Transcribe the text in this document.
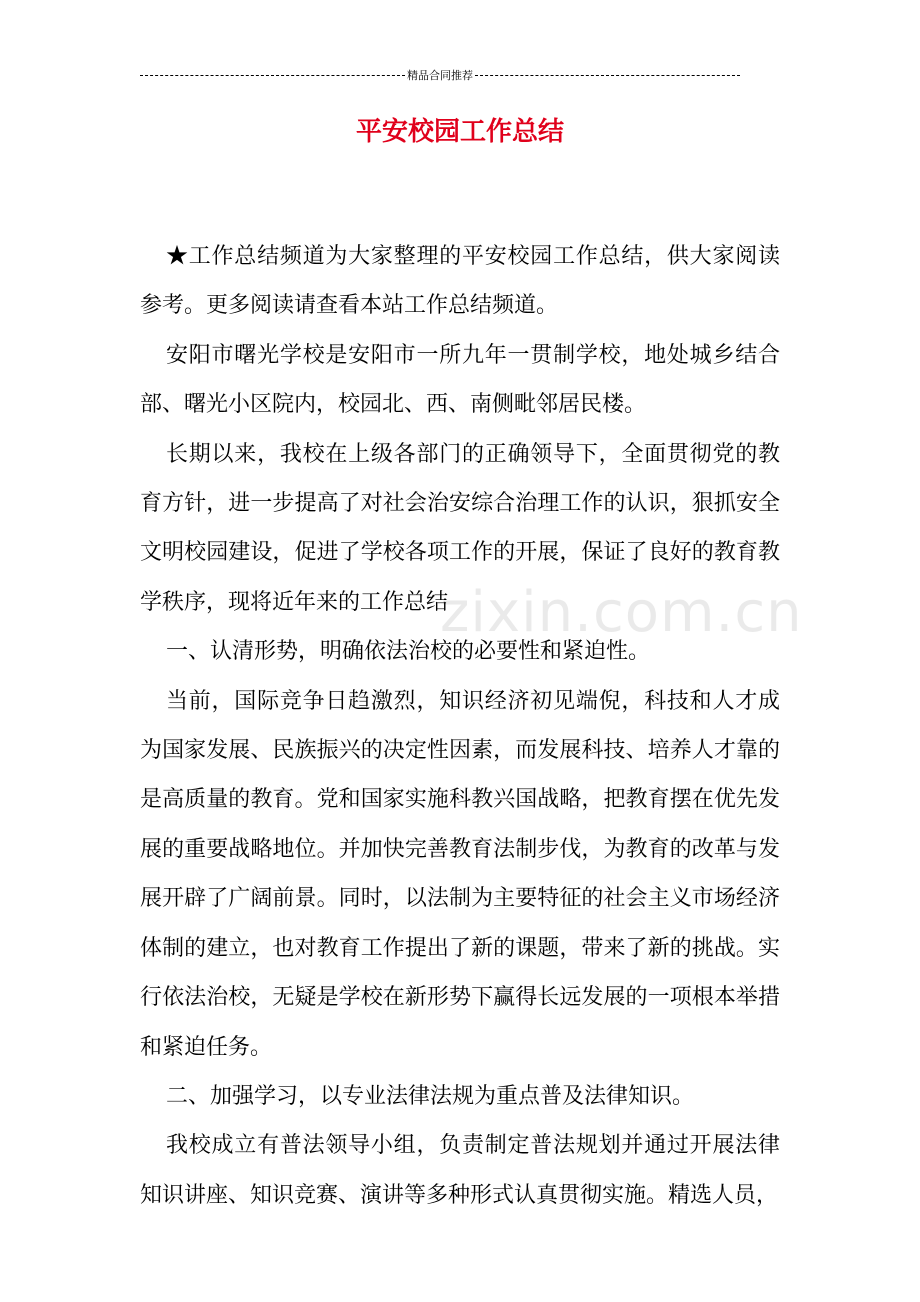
精品合同推荐
平安校园工作总结

★工作总结频道为大家整理的平安校园工作总结，供大家阅读参考。更多阅读请查看本站工作总结频道。

安阳市曙光学校是安阳市一所九年一贯制学校，地处城乡结合部、曙光小区院内，校园北、西、南侧毗邻居民楼。

长期以来，我校在上级各部门的正确领导下，全面贯彻党的教育方针，进一步提高了对社会治安综合治理工作的认识，狠抓安全文明校园建设，促进了学校各项工作的开展，保证了良好的教育教学秩序，现将近年来的工作总结

一、认清形势，明确依法治校的必要性和紧迫性。

当前，国际竞争日趋激烈，知识经济初见端倪，科技和人才成为国家发展、民族振兴的决定性因素，而发展科技、培养人才靠的是高质量的教育。党和国家实施科教兴国战略，把教育摆在优先发展的重要战略地位。并加快完善教育法制步伐，为教育的改革与发展开辟了广阔前景。同时，以法制为主要特征的社会主义市场经济体制的建立，也对教育工作提出了新的课题，带来了新的挑战。实行依法治校，无疑是学校在新形势下赢得长远发展的一项根本举措和紧迫任务。

二、加强学习，以专业法律法规为重点普及法律知识。

我校成立有普法领导小组，负责制定普法规划并通过开展法律知识讲座、知识竞赛、演讲等多种形式认真贯彻实施。精选人员，

zixin.com.cn
